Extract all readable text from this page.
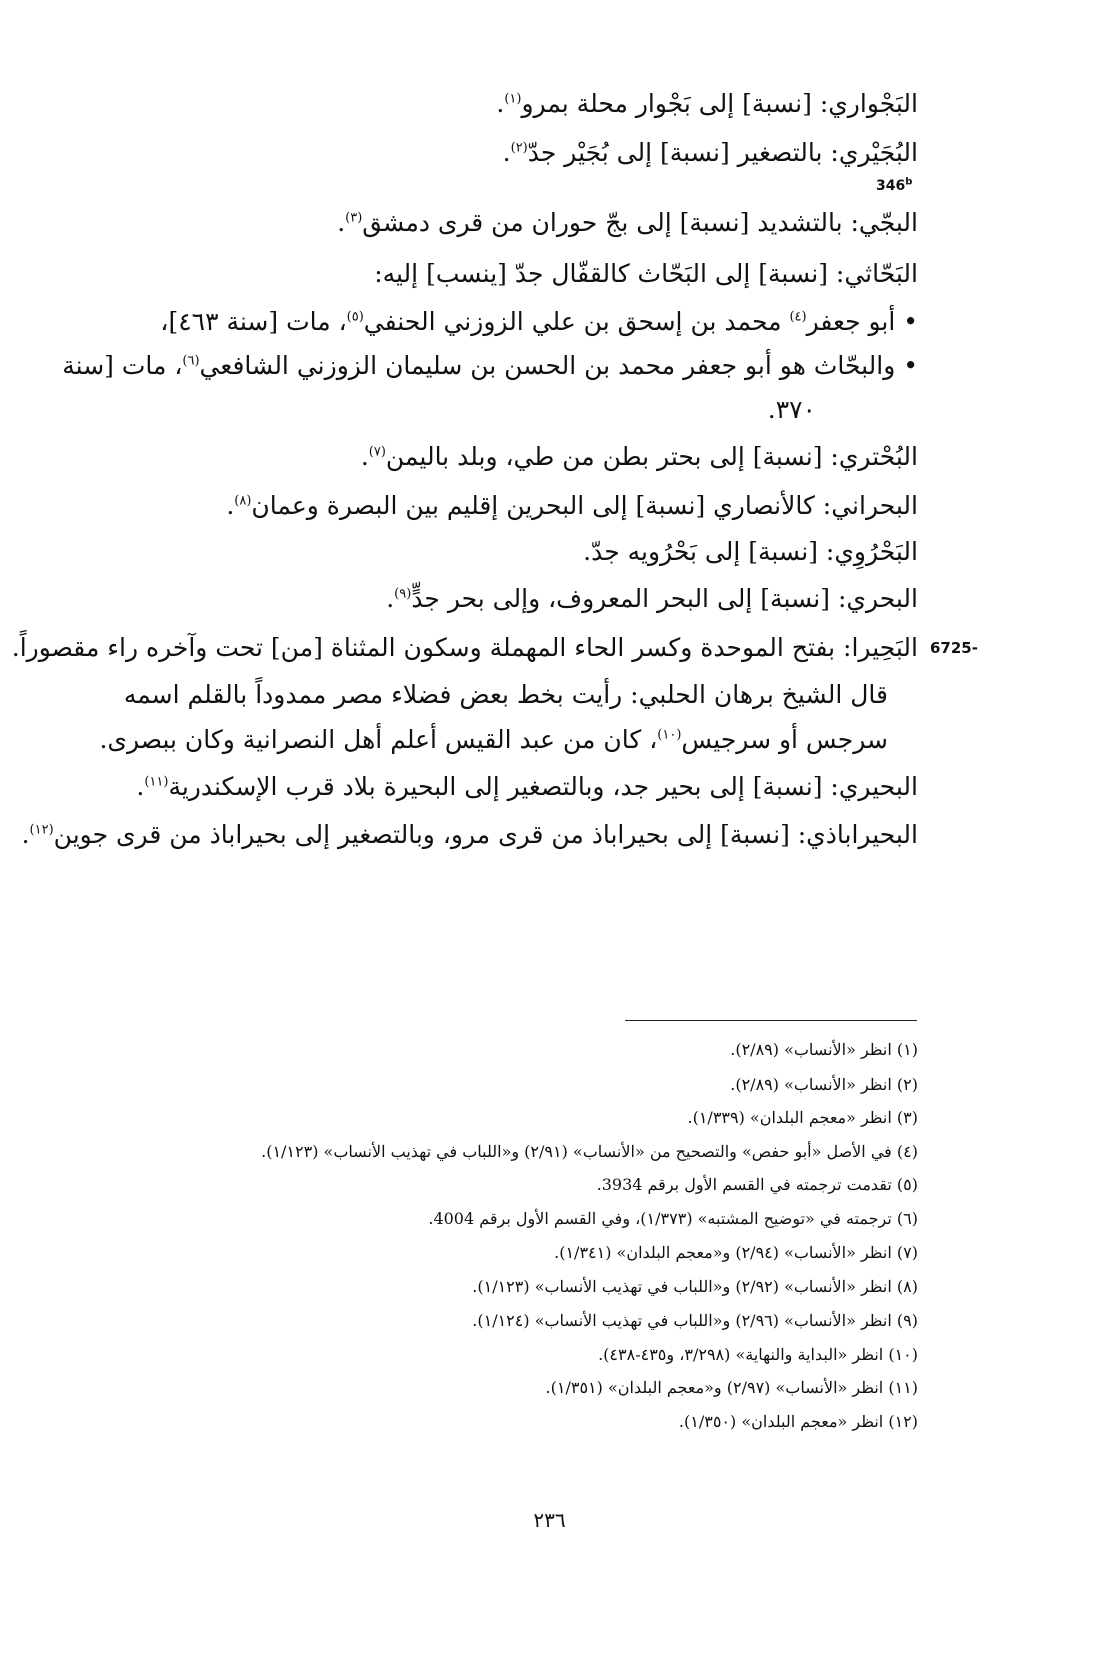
البَجْواري: [نسبة] إلى بَجْوار محلة بمرو$^{(١)}$.
البُجَيْري: بالتصغير [نسبة] إلى بُجَيْر جدّ$^{(٢)}$.
346$^b$
البجّي: بالتشديد [نسبة] إلى بجّ حوران من قرى دمشق$^{(٣)}$.
البَحّاثي: [نسبة] إلى البَحّاث كالقفّال جدّ [ينسب] إليه:
• أبو جعفر$^{(٤)}$ محمد بن إسحق بن علي الزوزني الحنفي$^{(٥)}$، مات [سنة ٤٦٣]،
• والبحّاث هو أبو جعفر محمد بن الحسن بن سليمان الزوزني الشافعي$^{(٦)}$، مات [سنة
٣٧٠.
البُحْتري: [نسبة] إلى بحتر بطن من طي، وبلد باليمن$^{(٧)}$.
البحراني: كالأنصاري [نسبة] إلى البحرين إقليم بين البصرة وعمان$^{(٨)}$.
البَحْرُوِي: [نسبة] إلى بَحْرُويه جدّ.
البحري: [نسبة] إلى البحر المعروف، وإلى بحر جدٍّ$^{(٩)}$.
6725-
البَحِيرا: بفتح الموحدة وكسر الحاء المهملة وسكون المثناة [من] تحت وآخره راء مقصوراً.
قال الشيخ برهان الحلبي: رأيت بخط بعض فضلاء مصر ممدوداً بالقلم اسمه
سرجس أو سرجيس$^{(١٠)}$، كان من عبد القيس أعلم أهل النصرانية وكان ببصرى.
البحيري: [نسبة] إلى بحير جد، وبالتصغير إلى البحيرة بلاد قرب الإسكندرية$^{(١١)}$.
البحيراباذي: [نسبة] إلى بحيراباذ من قرى مرو، وبالتصغير إلى بحيراباذ من قرى جوين$^{(١٢)}$.
(١) انظر «الأنساب» (٢/٨٩).
(٢) انظر «الأنساب» (٢/٨٩).
(٣) انظر «معجم البلدان» (١/٣٣٩).
(٤) في الأصل «أبو حفص» والتصحيح من «الأنساب» (٢/٩١) و«اللباب في تهذيب الأنساب» (١/١٢٣).
(٥) تقدمت ترجمته في القسم الأول برقم 3934.
(٦) ترجمته في «توضيح المشتبه» (١/٣٧٣)، وفي القسم الأول برقم 4004.
(٧) انظر «الأنساب» (٢/٩٤) و«معجم البلدان» (١/٣٤١).
(٨) انظر «الأنساب» (٢/٩٢) و«اللباب في تهذيب الأنساب» (١/١٢٣).
(٩) انظر «الأنساب» (٢/٩٦) و«اللباب في تهذيب الأنساب» (١/١٢٤).
(١٠) انظر «البداية والنهاية» (٣/٢٩٨، و٤٣٥-٤٣٨).
(١١) انظر «الأنساب» (٢/٩٧) و«معجم البلدان» (١/٣٥١).
(١٢) انظر «معجم البلدان» (١/٣٥٠).
٢٣٦
